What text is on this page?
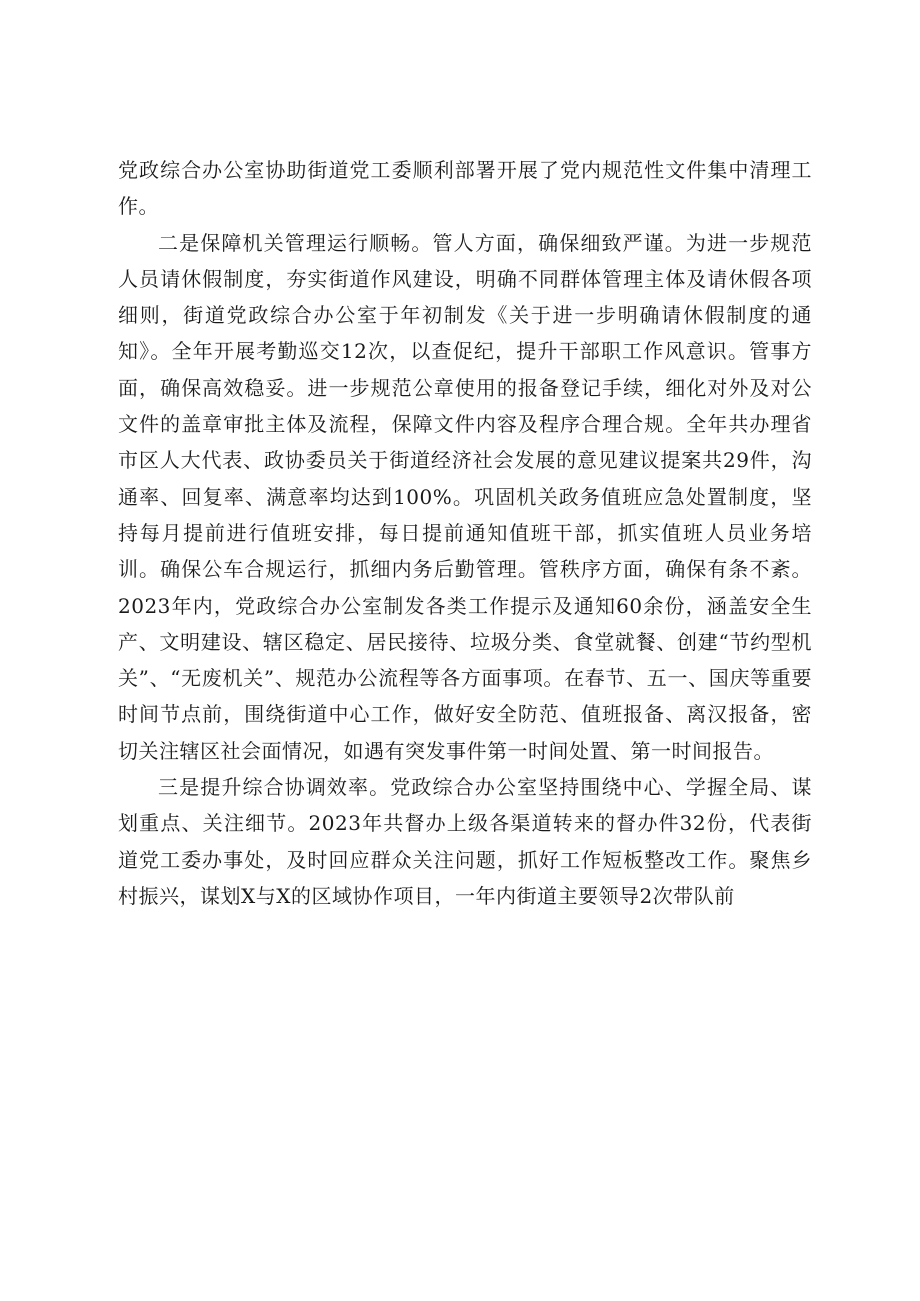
党政综合办公室协助街道党工委顺利部署开展了党内规范性文件集中清理工作。

二是保障机关管理运行顺畅。管人方面，确保细致严谨。为进一步规范人员请休假制度，夯实街道作风建设，明确不同群体管理主体及请休假各项细则，街道党政综合办公室于年初制发《关于进一步明确请休假制度的通知》。全年开展考勤巡交12次，以查促纪，提升干部职工作风意识。管事方面，确保高效稳妥。进一步规范公章使用的报备登记手续，细化对外及对公文件的盖章审批主体及流程，保障文件内容及程序合理合规。全年共办理省市区人大代表、政协委员关于街道经济社会发展的意见建议提案共29件，沟通率、回复率、满意率均达到100%。巩固机关政务值班应急处置制度，坚持每月提前进行值班安排，每日提前通知值班干部，抓实值班人员业务培训。确保公车合规运行，抓细内务后勤管理。管秩序方面，确保有条不紊。2023年内，党政综合办公室制发各类工作提示及通知60余份，涵盖安全生产、文明建设、辖区稳定、居民接待、垃圾分类、食堂就餐、创建“节约型机关”、“无废机关”、规范办公流程等各方面事项。在春节、五一、国庆等重要时间节点前，围绕街道中心工作，做好安全防范、值班报备、离汉报备，密切关注辖区社会面情况，如遇有突发事件第一时间处置、第一时间报告。

三是提升综合协调效率。党政综合办公室坚持围绕中心、学握全局、谋划重点、关注细节。2023年共督办上级各渠道转来的督办件32份，代表街道党工委办事处，及时回应群众关注问题，抓好工作短板整改工作。聚焦乡村振兴，谋划X与X的区域协作项目，一年内街道主要领导2次带队前
